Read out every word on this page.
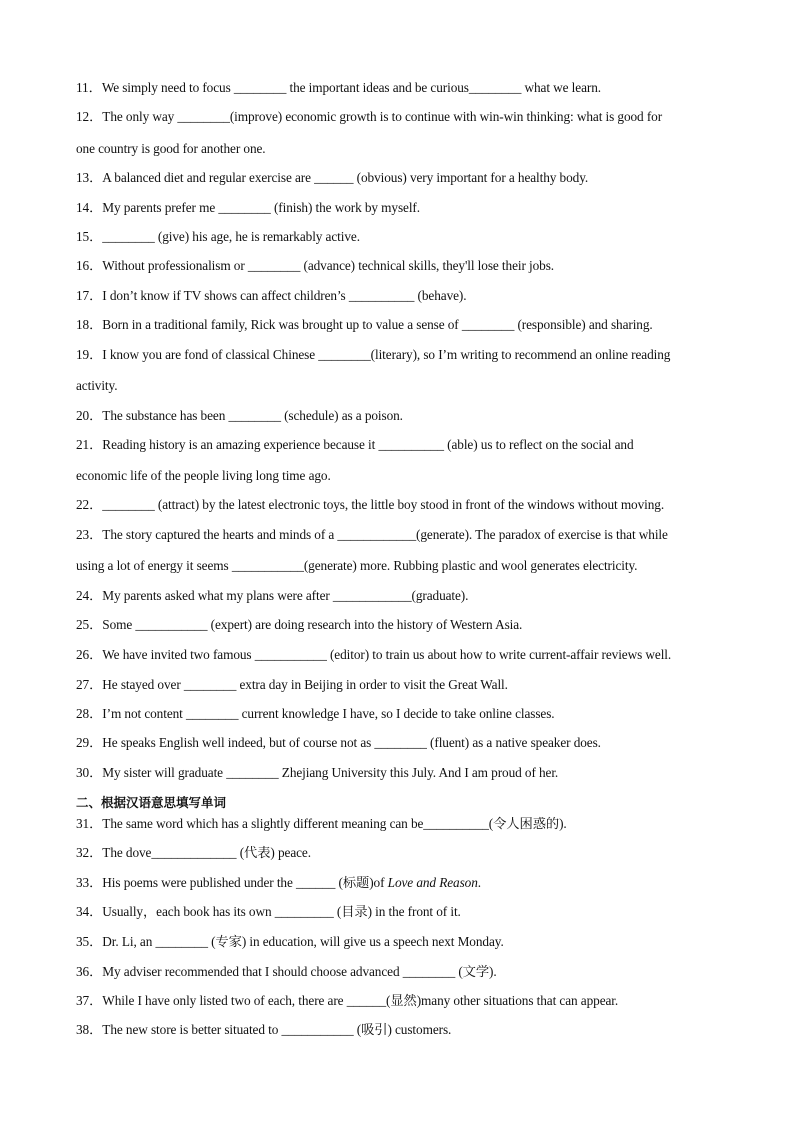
11．We simply need to focus ________ the important ideas and be curious________ what we learn.
12．The only way ________(improve) economic growth is to continue with win-win thinking: what is good for
one country is good for another one.
13．A balanced diet and regular exercise are ______ (obvious) very important for a healthy body.
14．My parents prefer me ________ (finish) the work by myself.
15．________ (give) his age, he is remarkably active.
16．Without professionalism or ________ (advance) technical skills, they'll lose their jobs.
17．I don’t know if TV shows can affect children’s __________ (behave).
18．Born in a traditional family, Rick was brought up to value a sense of ________ (responsible) and sharing.
19．I know you are fond of classical Chinese ________(literary), so I’m writing to recommend an online reading
activity.
20．The substance has been ________ (schedule) as a poison.
21．Reading history is an amazing experience because it __________ (able) us to reflect on the social and
economic life of the people living long time ago.
22．________ (attract) by the latest electronic toys, the little boy stood in front of the windows without moving.
23．The story captured the hearts and minds of a ____________(generate). The paradox of exercise is that while
using a lot of energy it seems ___________(generate) more. Rubbing plastic and wool generates electricity.
24．My parents asked what my plans were after ____________(graduate).
25．Some ___________ (expert) are doing research into the history of Western Asia.
26．We have invited two famous ___________ (editor) to train us about how to write current-affair reviews well.
27．He stayed over ________ extra day in Beijing in order to visit the Great Wall.
28．I’m not content ________ current knowledge I have, so I decide to take online classes.
29．He speaks English well indeed, but of course not as ________ (fluent) as a native speaker does.
30．My sister will graduate ________ Zhejiang University this July. And I am proud of her.
二、根据汉语意思填写单词
31．The same word which has a slightly different meaning can be__________(令人困惑的).
32．The dove_____________ (代表) peace.
33．His poems were published under the ______ (标题)of Love and Reason.
34．Usually，each book has its own _________ (目录) in the front of it.
35．Dr. Li, an ________ (专家) in education, will give us a speech next Monday.
36．My adviser recommended that I should choose advanced ________ (文学).
37．While I have only listed two of each, there are ______(显然)many other situations that can appear.
38．The new store is better situated to ___________ (吸引) customers.
